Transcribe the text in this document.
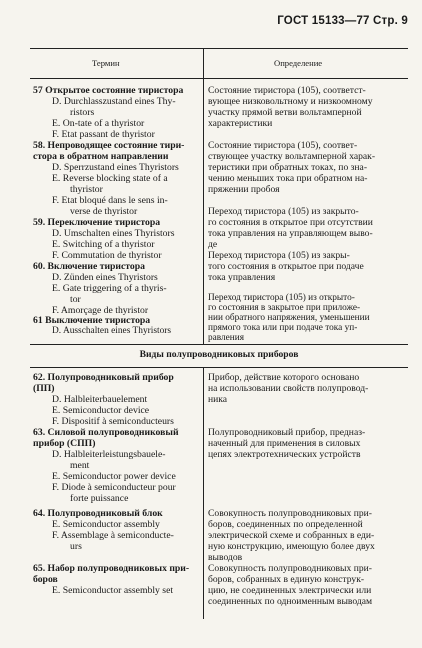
ГОСТ 15133—77 Стр. 9
Термин	Определение
Виды полупроводниковых приборов
57 Открытое состояние тиристора
D. Durchlasszustand eines Thy-
ristors
E. On-tate of a thyristor
F. Etat passant de thyristor
58. Непроводящее состояние тири-
стора в обратном направлении
D. Sperrzustand eines Thyristors
E. Reverse blocking state of a
thyristor
F. Etat bloqué dans le sens in-
verse de thyristor
59. Переключение тиристора
D. Umschalten eines Thyristors
E. Switching of a thyristor
F. Commutation de thyristor
60. Включение тиристора
D. Zünden eines Thyristors
E. Gate triggering of a thyris-
tor
F. Amorçage de thyristor
Состояние тиристора (105), соответст-
вующее низковольтному и низкоомному
участку прямой ветви вольтамперной
характеристики
Состояние тиристора (105), соответ-
ствующее участку вольтамперной харак-
теристики при обратных токах, по зна-
чению меньших тока при обратном на-
пряжении пробоя
Переход тиристора (105) из закрыто-
го состояния в открытое при отсутствии
тока управления на управляющем выво-
де
Переход тиристора (105) из закры-
того состояния в открытое при подаче
тока управления
61 Выключение тиристора
D. Ausschalten eines Thyristors
Переход тиристора (105) из открыто-
го состояния в закрытое при приложе-
нии обратного напряжения, уменьшении
прямого тока или при подаче тока уп-
равления
62. Полупроводниковый прибор
(ПП)
D. Halbleiterbauelement
E. Semiconductor device
F. Dispositif à semiconducteurs
Прибор, действие которого основано
на использовании свойств полупровод-
ника
63. Силовой полупроводниковый
прибор (СПП)
D. Halbleiterleistungsbauele-
ment
E. Semiconductor power device
F. Diode à semiconducteur pour
forte puissance
Полупроводниковый прибор, предназ-
наченный для применения в силовых
цепях электротехнических устройств
64. Полупроводниковый блок
E. Semiconductor assembly
F. Assemblage à semiconducte-
urs
Совокупность полупроводниковых при-
боров, соединенных по определенной
электрической схеме и собранных в еди-
ную конструкцию, имеющую более двух
выводов
65. Набор полупроводниковых при-
боров
E. Semiconductor assembly set
Совокупность полупроводниковых при-
боров, собранных в единую конструк-
цию, не соединенных электрически или
соединенных по одноименным выводам
